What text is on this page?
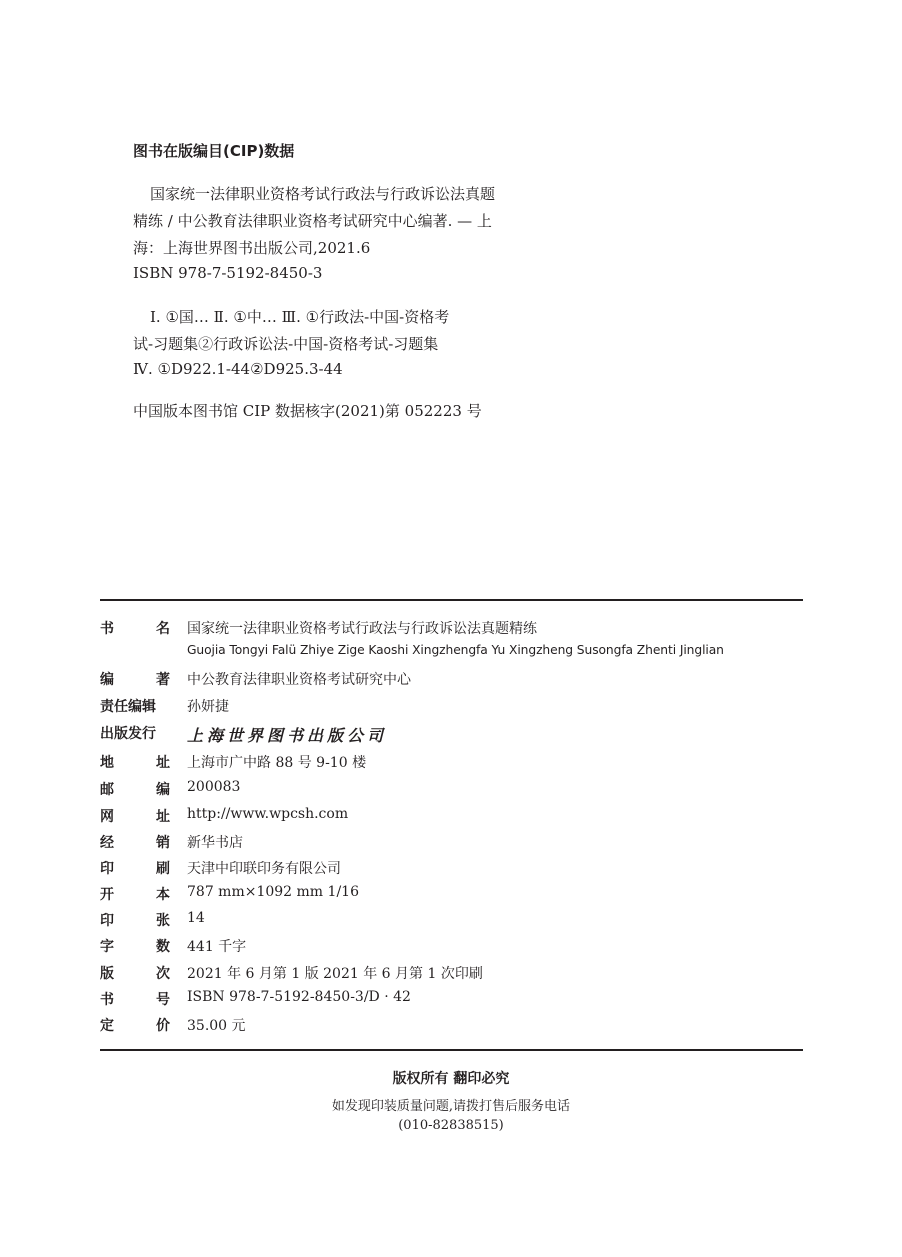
图书在版编目(CIP)数据
国家统一法律职业资格考试行政法与行政诉讼法真题
精练 / 中公教育法律职业资格考试研究中心编著. — 上
海：上海世界图书出版公司,2021.6
ISBN 978-7-5192-8450-3
Ⅰ. ①国… Ⅱ. ①中… Ⅲ. ①行政法-中国-资格考
试-习题集②行政诉讼法-中国-资格考试-习题集
Ⅳ. ①D922.1-44②D925.3-44
中国版本图书馆 CIP 数据核字(2021)第 052223 号
书	名 国家统一法律职业资格考试行政法与行政诉讼法真题精练
Guojia Tongyi Falü Zhiye Zige Kaoshi Xingzhengfa Yu Xingzheng Susongfa Zhenti Jinglian
编	著 中公教育法律职业资格考试研究中心
责任编辑 孙妍捷
出版发行 上海世界图书出版公司
地	址 上海市广中路 88 号 9-10 楼
邮	编 200083
网	址 http://www.wpcsh.com
经	销 新华书店
印	刷 天津中印联印务有限公司
开	本 787 mm×1092 mm 1/16
印	张 14
字	数 441 千字
版	次 2021 年 6 月第 1 版 2021 年 6 月第 1 次印刷
书	号 ISBN 978-7-5192-8450-3/D · 42
定	价 35.00 元
版权所有 翻印必究
如发现印装质量问题,请拨打售后服务电话
(010-82838515)
